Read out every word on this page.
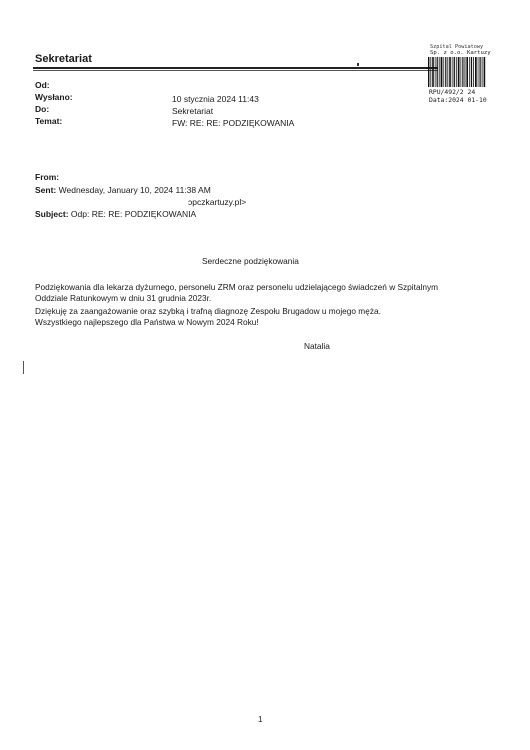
Sekretariat
Szpital Powiatowy
Sp. z o.o. Kartuzy
RPU/492/2 24
Data:2024 01-10
Od:
Wysłano:	10 stycznia 2024 11:43
Do:	Sekretariat
Temat:	FW: RE: RE: PODZIĘKOWANIA
From:
Sent: Wednesday, January 10, 2024 11:38 AM
ɔpczkartuzy.pl>
Subject: Odp: RE: RE: PODZIĘKOWANIA
Serdeczne podziękowania
Podziękowania dla lekarza dyżurnego, personelu ZRM oraz personelu udzielającego świadczeń w Szpitalnym
Oddziale Ratunkowym w dniu 31 grudnia 2023r.
Dziękuję za zaangażowanie oraz szybką i trafną diagnozę Zespołu Brugadow u mojego męża.
Wszystkiego najlepszego dla Państwa w Nowym 2024 Roku!
Natalia
1
